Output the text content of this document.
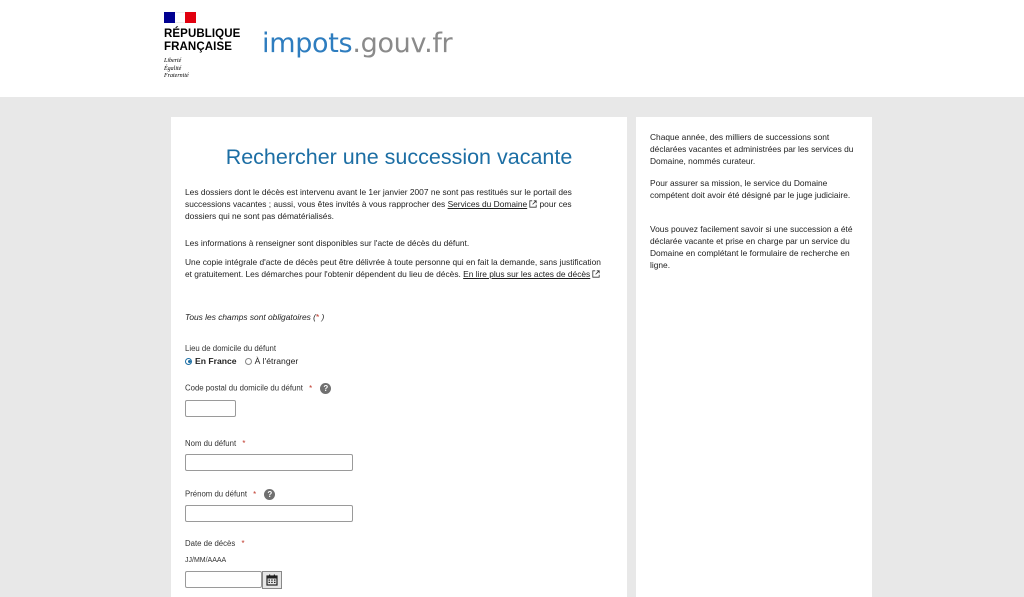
RÉPUBLIQUE
FRANÇAISE
Liberté
Égalité
Fraternité
impots.gouv.fr
Rechercher une succession vacante
Les dossiers dont le décès est intervenu avant le 1er janvier 2007 ne sont pas restitués sur le portail des successions vacantes ; aussi, vous êtes invités à vous rapprocher des Services du Domaine pour ces dossiers qui ne sont pas dématérialisés.
Les informations à renseigner sont disponibles sur l'acte de décès du défunt.
Une copie intégrale d'acte de décès peut être délivrée à toute personne qui en fait la demande, sans justification et gratuitement. Les démarches pour l'obtenir dépendent du lieu de décès. En lire plus sur les actes de décès
Tous les champs sont obligatoires (* )
Lieu de domicile du défunt
En France À l'étranger
Code postal du domicile du défunt * ?
Nom du défunt *
Prénom du défunt * ?
Date de décès *
JJ/MM/AAAA
Chaque année, des milliers de successions sont déclarées vacantes et administrées par les services du Domaine, nommés curateur.
Pour assurer sa mission, le service du Domaine compétent doit avoir été désigné par le juge judiciaire.
Vous pouvez facilement savoir si une succession a été déclarée vacante et prise en charge par un service du Domaine en complétant le formulaire de recherche en ligne.
